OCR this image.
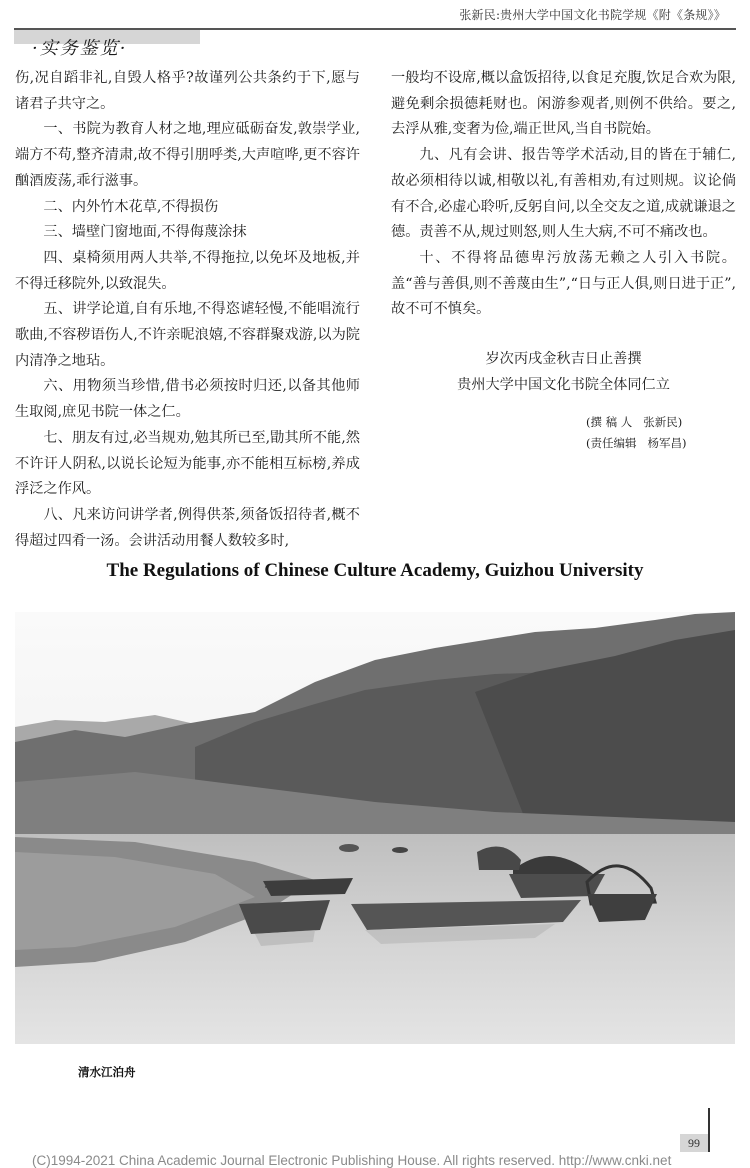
张新民:贵州大学中国文化书院学规《附《条规》》
·实务鉴览·

伤,况自蹈非礼,自毁人格乎?故谨列公共条约于下,愿与诸君子共守之。

一、书院为教育人材之地,理应砥砺奋发,敦崇学业,端方不苟,整齐清肃,故不得引朋呼类,大声喧哗,更不容许酗酒废荡,乖行滋事。

二、内外竹木花草,不得损伤

三、墙壁门窗地面,不得侮蔑涂抹

四、桌椅须用两人共举,不得拖拉,以免坏及地板,并不得迁移院外,以致混失。

五、讲学论道,自有乐地,不得恣谑轻慢,不能唱流行歌曲,不容秽语伤人,不许亲昵浪嬉,不容群聚戏游,以为院内清净之地玷。

六、用物须当珍惜,借书必须按时归还,以备其他师生取阅,庶见书院一体之仁。

七、朋友有过,必当规劝,勉其所已至,勖其所不能,然不许讦人阴私,以说长论短为能事,亦不能相互标榜,养成浮泛之作风。

八、凡来访问讲学者,例得供茶,须备饭招待者,概不得超过四肴一汤。会讲活动用餐人数较多时,

一般均不设席,概以盒饭招待,以食足充腹,饮足合欢为限,避免剩余损德耗财也。闲游参观者,则例不供给。要之,去浮从雅,变奢为俭,端正世风,当自书院始。

九、凡有会讲、报告等学术活动,目的皆在于辅仁,故必须相待以诚,相敬以礼,有善相劝,有过则规。议论倘有不合,必虚心聆听,反躬自问,以全交友之道,成就谦退之德。责善不从,规过则怒,则人生大病,不可不痛改也。

十、不得将品德卑污放荡无赖之人引入书院。盖“善与善俱,则不善蔑由生”,“日与正人俱,则日进于正”,故不可不慎矣。

岁次丙戌金秋吉日止善撰

贵州大学中国文化书院全体同仁立

(撰 稿 人 张新民)
(责任编辑 杨军昌)
The Regulations of Chinese Culture Academy, Guizhou University
清水江泊舟
99
(C)1994-2021 China Academic Journal Electronic Publishing House. All rights reserved. http://www.cnki.net
